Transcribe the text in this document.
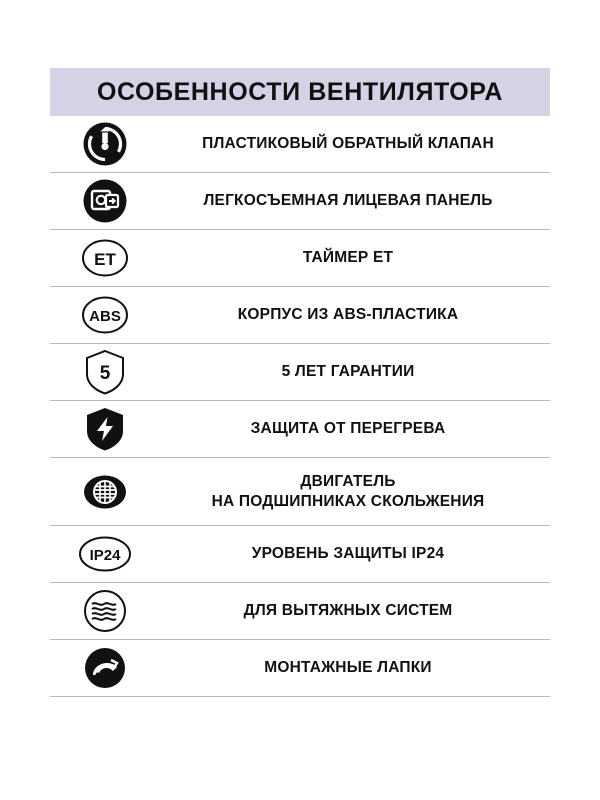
ОСОБЕННОСТИ ВЕНТИЛЯТОРА
ПЛАСТИКОВЫЙ ОБРАТНЫЙ КЛАПАН
ЛЕГКОСЪЕМНАЯ ЛИЦЕВАЯ ПАНЕЛЬ
ET	ТАЙМЕР ET
ABS	КОРПУС ИЗ ABS-ПЛАСТИКА
5	5 ЛЕТ ГАРАНТИИ
ЗАЩИТА ОТ ПЕРЕГРЕВА
ДВИГАТЕЛЬ
НА ПОДШИПНИКАХ СКОЛЬЖЕНИЯ
IP24	УРОВЕНЬ ЗАЩИТЫ IP24
ДЛЯ ВЫТЯЖНЫХ СИСТЕМ
МОНТАЖНЫЕ ЛАПКИ
